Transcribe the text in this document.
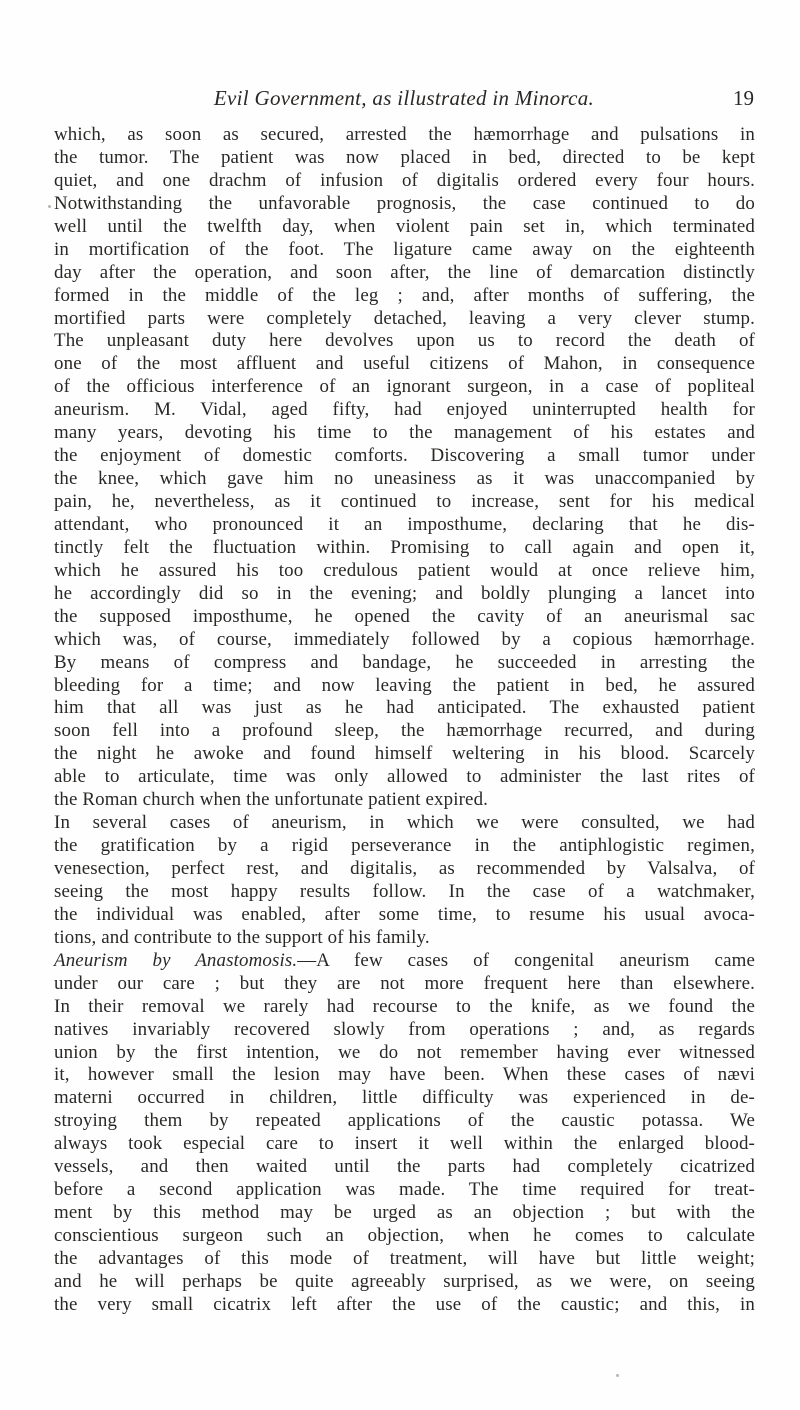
Evil Government, as illustrated in Minorca.	19
which, as soon as secured, arrested the hæmorrhage and pulsations in
the tumor. The patient was now placed in bed, directed to be kept
quiet, and one drachm of infusion of digitalis ordered every four hours.
Notwithstanding the unfavorable prognosis, the case continued to do
well until the twelfth day, when violent pain set in, which terminated
in mortification of the foot. The ligature came away on the eighteenth
day after the operation, and soon after, the line of demarcation distinctly
formed in the middle of the leg ; and, after months of suffering, the
mortified parts were completely detached, leaving a very clever stump.
The unpleasant duty here devolves upon us to record the death of
one of the most affluent and useful citizens of Mahon, in consequence
of the officious interference of an ignorant surgeon, in a case of popliteal
aneurism. M. Vidal, aged fifty, had enjoyed uninterrupted health for
many years, devoting his time to the management of his estates and
the enjoyment of domestic comforts. Discovering a small tumor under
the knee, which gave him no uneasiness as it was unaccompanied by
pain, he, nevertheless, as it continued to increase, sent for his medical
attendant, who pronounced it an imposthume, declaring that he dis-
tinctly felt the fluctuation within. Promising to call again and open it,
which he assured his too credulous patient would at once relieve him,
he accordingly did so in the evening; and boldly plunging a lancet into
the supposed imposthume, he opened the cavity of an aneurismal sac
which was, of course, immediately followed by a copious hæmorrhage.
By means of compress and bandage, he succeeded in arresting the
bleeding for a time; and now leaving the patient in bed, he assured
him that all was just as he had anticipated. The exhausted patient
soon fell into a profound sleep, the hæmorrhage recurred, and during
the night he awoke and found himself weltering in his blood. Scarcely
able to articulate, time was only allowed to administer the last rites of
the Roman church when the unfortunate patient expired.
In several cases of aneurism, in which we were consulted, we had
the gratification by a rigid perseverance in the antiphlogistic regimen,
venesection, perfect rest, and digitalis, as recommended by Valsalva, of
seeing the most happy results follow. In the case of a watchmaker,
the individual was enabled, after some time, to resume his usual avoca-
tions, and contribute to the support of his family.
Aneurism by Anastomosis.—A few cases of congenital aneurism came
under our care ; but they are not more frequent here than elsewhere.
In their removal we rarely had recourse to the knife, as we found the
natives invariably recovered slowly from operations ; and, as regards
union by the first intention, we do not remember having ever witnessed
it, however small the lesion may have been. When these cases of nævi
materni occurred in children, little difficulty was experienced in de-
stroying them by repeated applications of the caustic potassa. We
always took especial care to insert it well within the enlarged blood-
vessels, and then waited until the parts had completely cicatrized
before a second application was made. The time required for treat-
ment by this method may be urged as an objection ; but with the
conscientious surgeon such an objection, when he comes to calculate
the advantages of this mode of treatment, will have but little weight;
and he will perhaps be quite agreeably surprised, as we were, on seeing
the very small cicatrix left after the use of the caustic; and this, in
